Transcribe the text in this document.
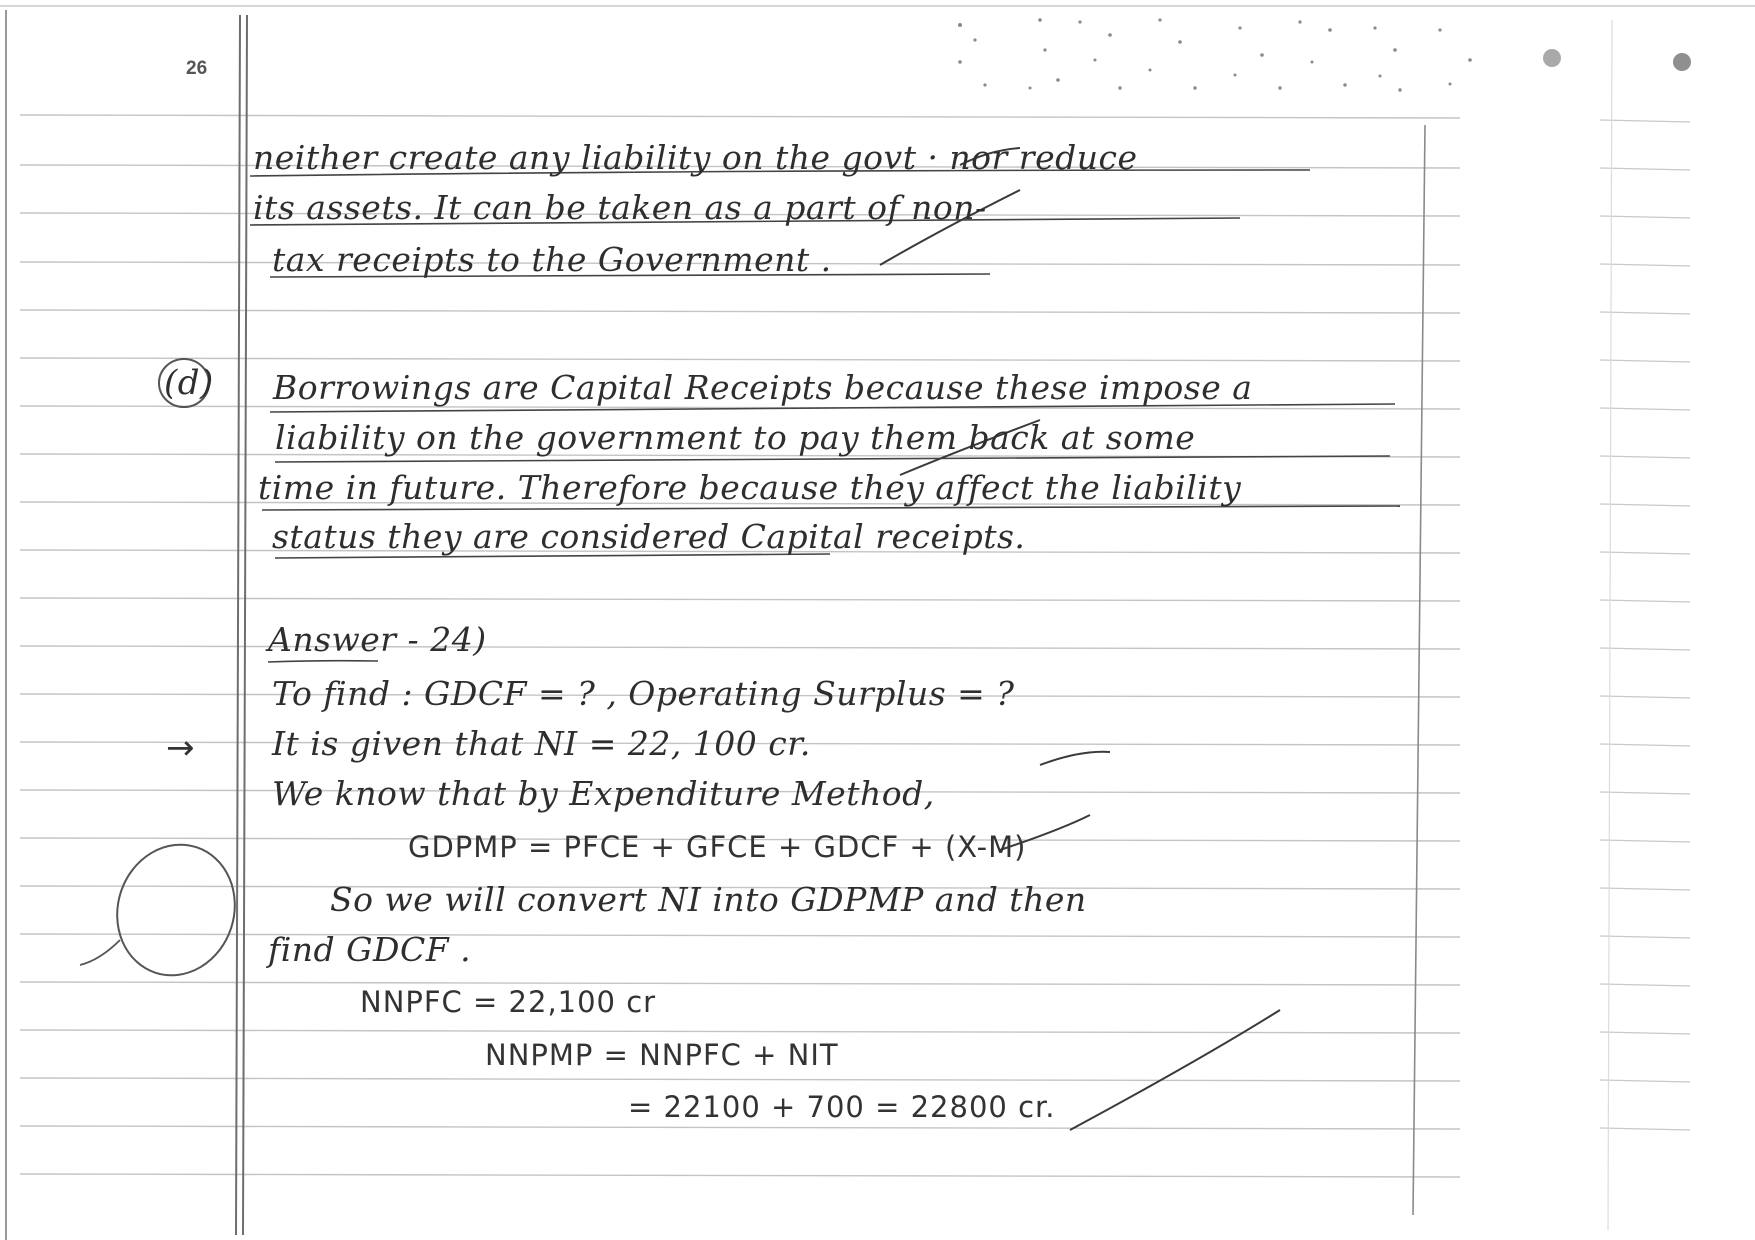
26
neither create any liability on the govt · nor reduce
its assets. It can be taken as a part of non-
tax receipts to the Government .
(d) Borrowings are Capital Receipts because these impose a
liability on the government to pay them back at some
time in future. Therefore because they affect the liability
status they are considered Capital receipts.
Answer - 24)
To find : GDCF = ? , Operating Surplus = ?
→ It is given that NI = 22, 100 cr.
We know that by Expenditure Method,
GDPMP = PFCE + GFCE + GDCF + (X-M)
So we will convert NI into GDPMP and then
find GDCF .
NNPFC = 22,100 cr
NNPMP = NNPFC + NIT
= 22100 + 700 = 22800 cr.
